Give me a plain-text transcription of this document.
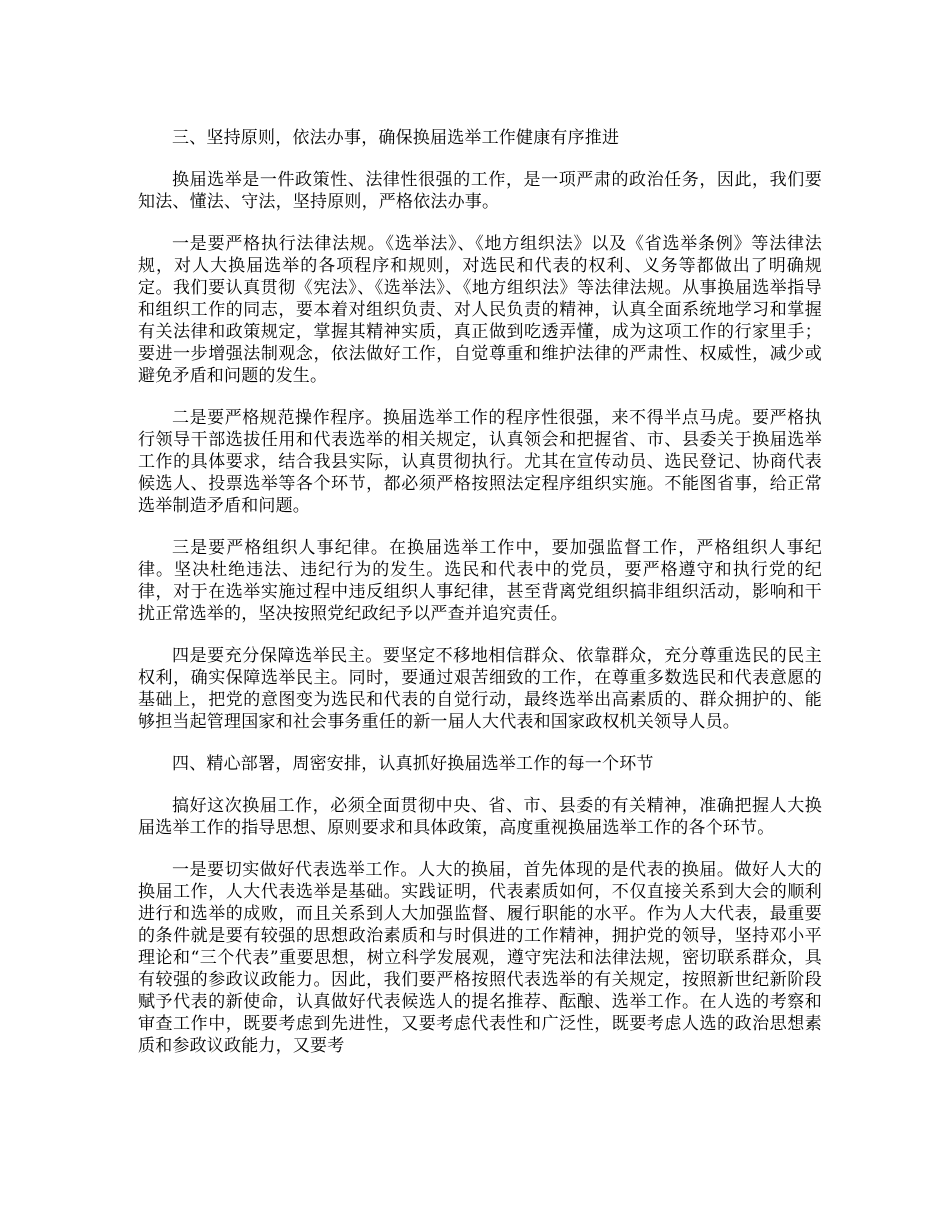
三、坚持原则，依法办事，确保换届选举工作健康有序推进

换届选举是一件政策性、法律性很强的工作，是一项严肃的政治任务，因此，我们要知法、懂法、守法，坚持原则，严格依法办事。

一是要严格执行法律法规。《选举法》、《地方组织法》以及《省选举条例》等法律法规，对人大换届选举的各项程序和规则，对选民和代表的权利、义务等都做出了明确规定。我们要认真贯彻《宪法》、《选举法》、《地方组织法》等法律法规。从事换届选举指导和组织工作的同志，要本着对组织负责、对人民负责的精神，认真全面系统地学习和掌握有关法律和政策规定，掌握其精神实质，真正做到吃透弄懂，成为这项工作的行家里手；要进一步增强法制观念，依法做好工作，自觉尊重和维护法律的严肃性、权威性，减少或避免矛盾和问题的发生。

二是要严格规范操作程序。换届选举工作的程序性很强，来不得半点马虎。要严格执行领导干部选拔任用和代表选举的相关规定，认真领会和把握省、市、县委关于换届选举工作的具体要求，结合我县实际，认真贯彻执行。尤其在宣传动员、选民登记、协商代表候选人、投票选举等各个环节，都必须严格按照法定程序组织实施。不能图省事，给正常选举制造矛盾和问题。

三是要严格组织人事纪律。在换届选举工作中，要加强监督工作，严格组织人事纪律。坚决杜绝违法、违纪行为的发生。选民和代表中的党员，要严格遵守和执行党的纪律，对于在选举实施过程中违反组织人事纪律，甚至背离党组织搞非组织活动，影响和干扰正常选举的，坚决按照党纪政纪予以严查并追究责任。

四是要充分保障选举民主。要坚定不移地相信群众、依靠群众，充分尊重选民的民主权利，确实保障选举民主。同时，要通过艰苦细致的工作，在尊重多数选民和代表意愿的基础上，把党的意图变为选民和代表的自觉行动，最终选举出高素质的、群众拥护的、能够担当起管理国家和社会事务重任的新一届人大代表和国家政权机关领导人员。

四、精心部署，周密安排，认真抓好换届选举工作的每一个环节

搞好这次换届工作，必须全面贯彻中央、省、市、县委的有关精神，准确把握人大换届选举工作的指导思想、原则要求和具体政策，高度重视换届选举工作的各个环节。

一是要切实做好代表选举工作。人大的换届，首先体现的是代表的换届。做好人大的换届工作，人大代表选举是基础。实践证明，代表素质如何，不仅直接关系到大会的顺利进行和选举的成败，而且关系到人大加强监督、履行职能的水平。作为人大代表，最重要的条件就是要有较强的思想政治素质和与时俱进的工作精神，拥护党的领导，坚持邓小平理论和“三个代表”重要思想，树立科学发展观，遵守宪法和法律法规，密切联系群众，具有较强的参政议政能力。因此，我们要严格按照代表选举的有关规定，按照新世纪新阶段赋予代表的新使命，认真做好代表候选人的提名推荐、酝酿、选举工作。在人选的考察和审查工作中，既要考虑到先进性，又要考虑代表性和广泛性，既要考虑人选的政治思想素质和参政议政能力，又要考
